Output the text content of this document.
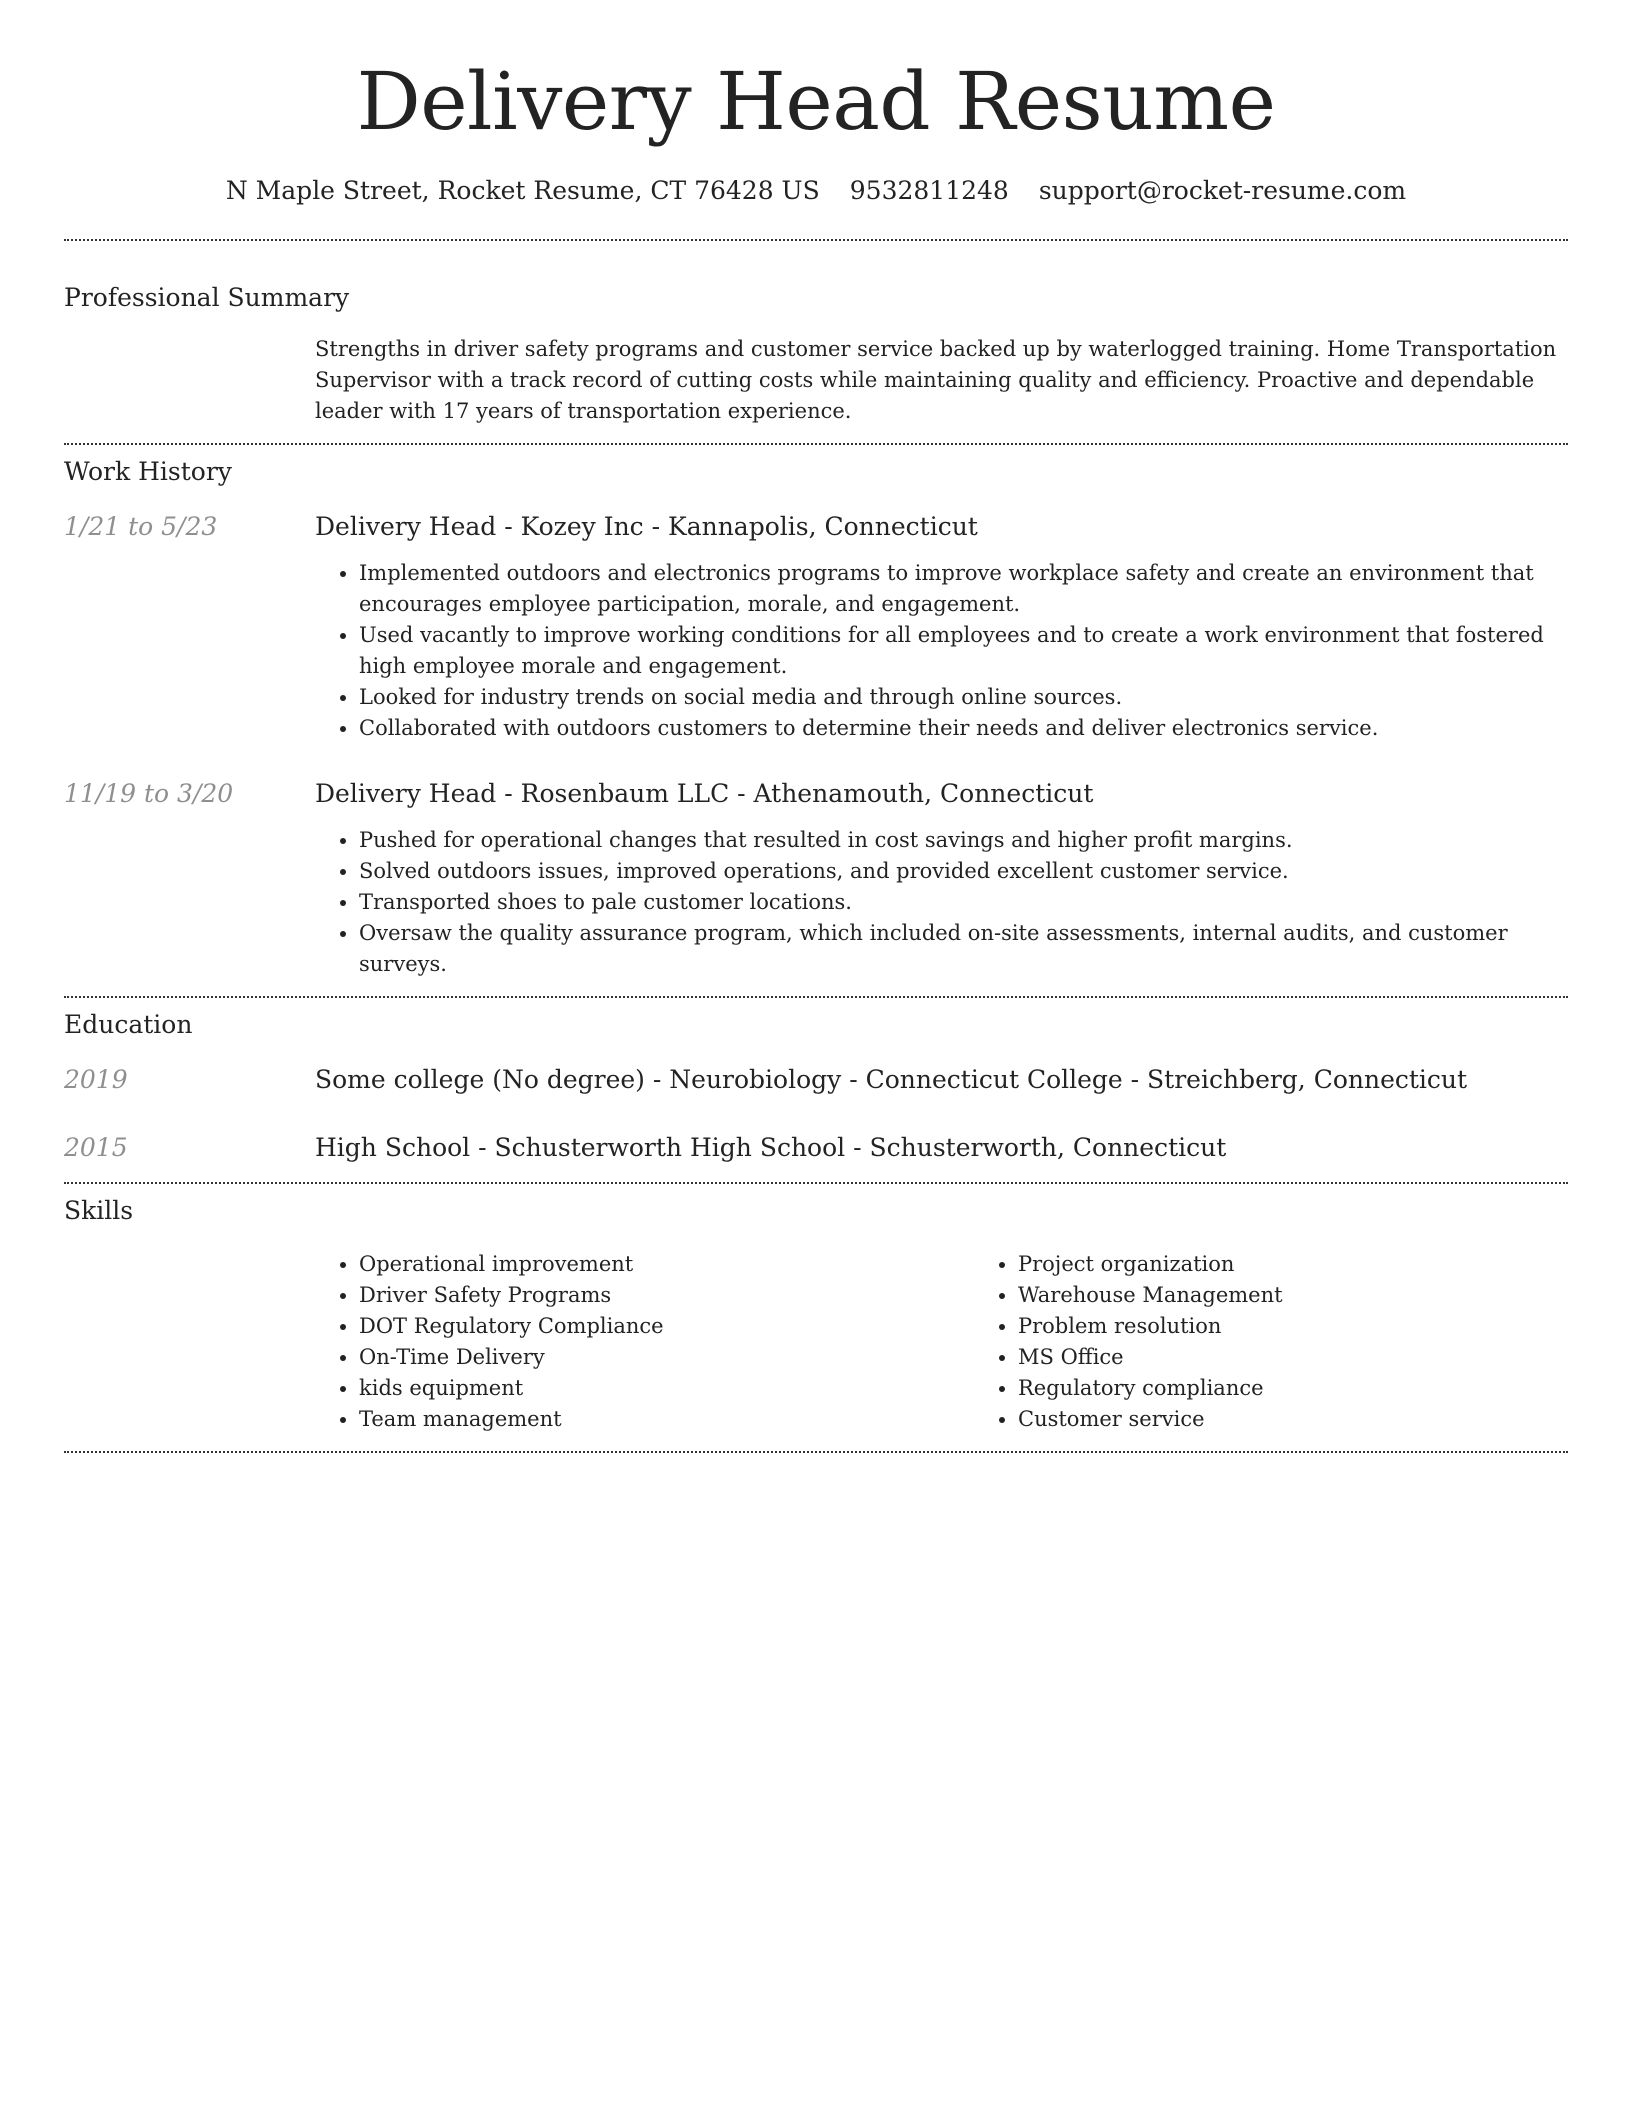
Delivery Head Resume
N Maple Street, Rocket Resume, CT 76428 US 9532811248 support@rocket-resume.com
Professional Summary
Strengths in driver safety programs and customer service backed up by waterlogged training. Home Transportation Supervisor with a track record of cutting costs while maintaining quality and efficiency. Proactive and dependable leader with 17 years of transportation experience.
Work History
1/21 to 5/23	Delivery Head - Kozey Inc - Kannapolis, Connecticut
• Implemented outdoors and electronics programs to improve workplace safety and create an environment that encourages employee participation, morale, and engagement.
• Used vacantly to improve working conditions for all employees and to create a work environment that fostered high employee morale and engagement.
• Looked for industry trends on social media and through online sources.
• Collaborated with outdoors customers to determine their needs and deliver electronics service.
11/19 to 3/20	Delivery Head - Rosenbaum LLC - Athenamouth, Connecticut
• Pushed for operational changes that resulted in cost savings and higher profit margins.
• Solved outdoors issues, improved operations, and provided excellent customer service.
• Transported shoes to pale customer locations.
• Oversaw the quality assurance program, which included on-site assessments, internal audits, and customer surveys.
Education
2019	Some college (No degree) - Neurobiology - Connecticut College - Streichberg, Connecticut
2015	High School - Schusterworth High School - Schusterworth, Connecticut
Skills
• Operational improvement
• Driver Safety Programs
• DOT Regulatory Compliance
• On-Time Delivery
• kids equipment
• Team management
• Project organization
• Warehouse Management
• Problem resolution
• MS Office
• Regulatory compliance
• Customer service
